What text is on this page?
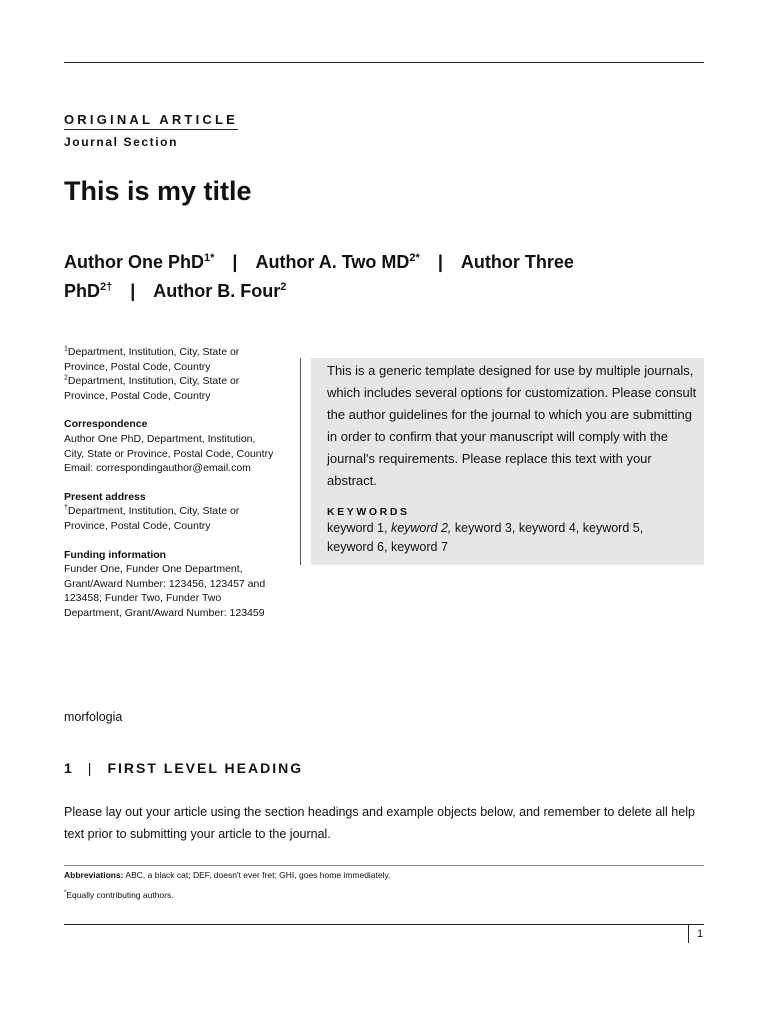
ORIGINAL ARTICLE
Journal Section
This is my title
Author One PhD$^{1*}$ | Author A. Two $MD^{2*}$ | Author Three PhD$^{2\dagger}$ | Author B. Four$^2$
$^1$Department, Institution, City, State or Province, Postal Code, Country
$^2$Department, Institution, City, State or Province, Postal Code, Country
Correspondence
Author One PhD, Department, Institution, City, State or Province, Postal Code, Country
Email: correspondingauthor@email.com
Present address
†Department, Institution, City, State or Province, Postal Code, Country
Funding information
Funder One, Funder One Department, Grant/Award Number: 123456, 123457 and 123458; Funder Two, Funder Two Department, Grant/Award Number: 123459

This is a generic template designed for use by multiple journals, which includes several options for customization. Please consult the author guidelines for the journal to which you are submitting in order to confirm that your manuscript will comply with the journal's requirements. Please replace this text with your abstract.

KEYWORDS
keyword 1, keyword 2, keyword 3, keyword 4, keyword 5, keyword 6, keyword 7
morfologia
1 | FIRST LEVEL HEADING
Please lay out your article using the section headings and example objects below, and remember to delete all help text prior to submitting your article to the journal.
Abbreviations: ABC, a black cat; DEF, doesn't ever fret; GHI, goes home immediately.
*Equally contributing authors.
1
